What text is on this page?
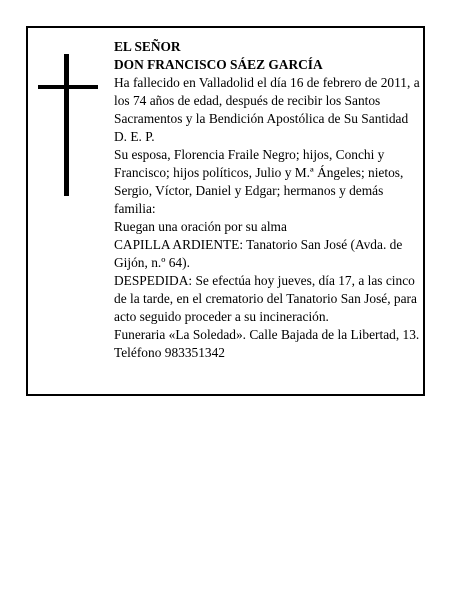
EL SEÑOR

DON FRANCISCO SÁEZ GARCÍA

Ha fallecido en Valladolid el día 16 de febrero de 2011, a los 74 años de edad, después de recibir los Santos Sacramentos y la Bendición Apostólica de Su Santidad D. E. P.

Su esposa, Florencia Fraile Negro; hijos, Conchi y Francisco; hijos políticos, Julio y M.ª Ángeles; nietos, Sergio, Víctor, Daniel y Edgar; hermanos y demás familia:

Ruegan una oración por su alma

CAPILLA ARDIENTE: Tanatorio San José (Avda. de Gijón, n.º 64).

DESPEDIDA: Se efectúa hoy jueves, día 17, a las cinco de la tarde, en el crematorio del Tanatorio San José, para acto seguido proceder a su incineración.

Funeraria «La Soledad». Calle Bajada de la Libertad, 13. Teléfono 983351342
